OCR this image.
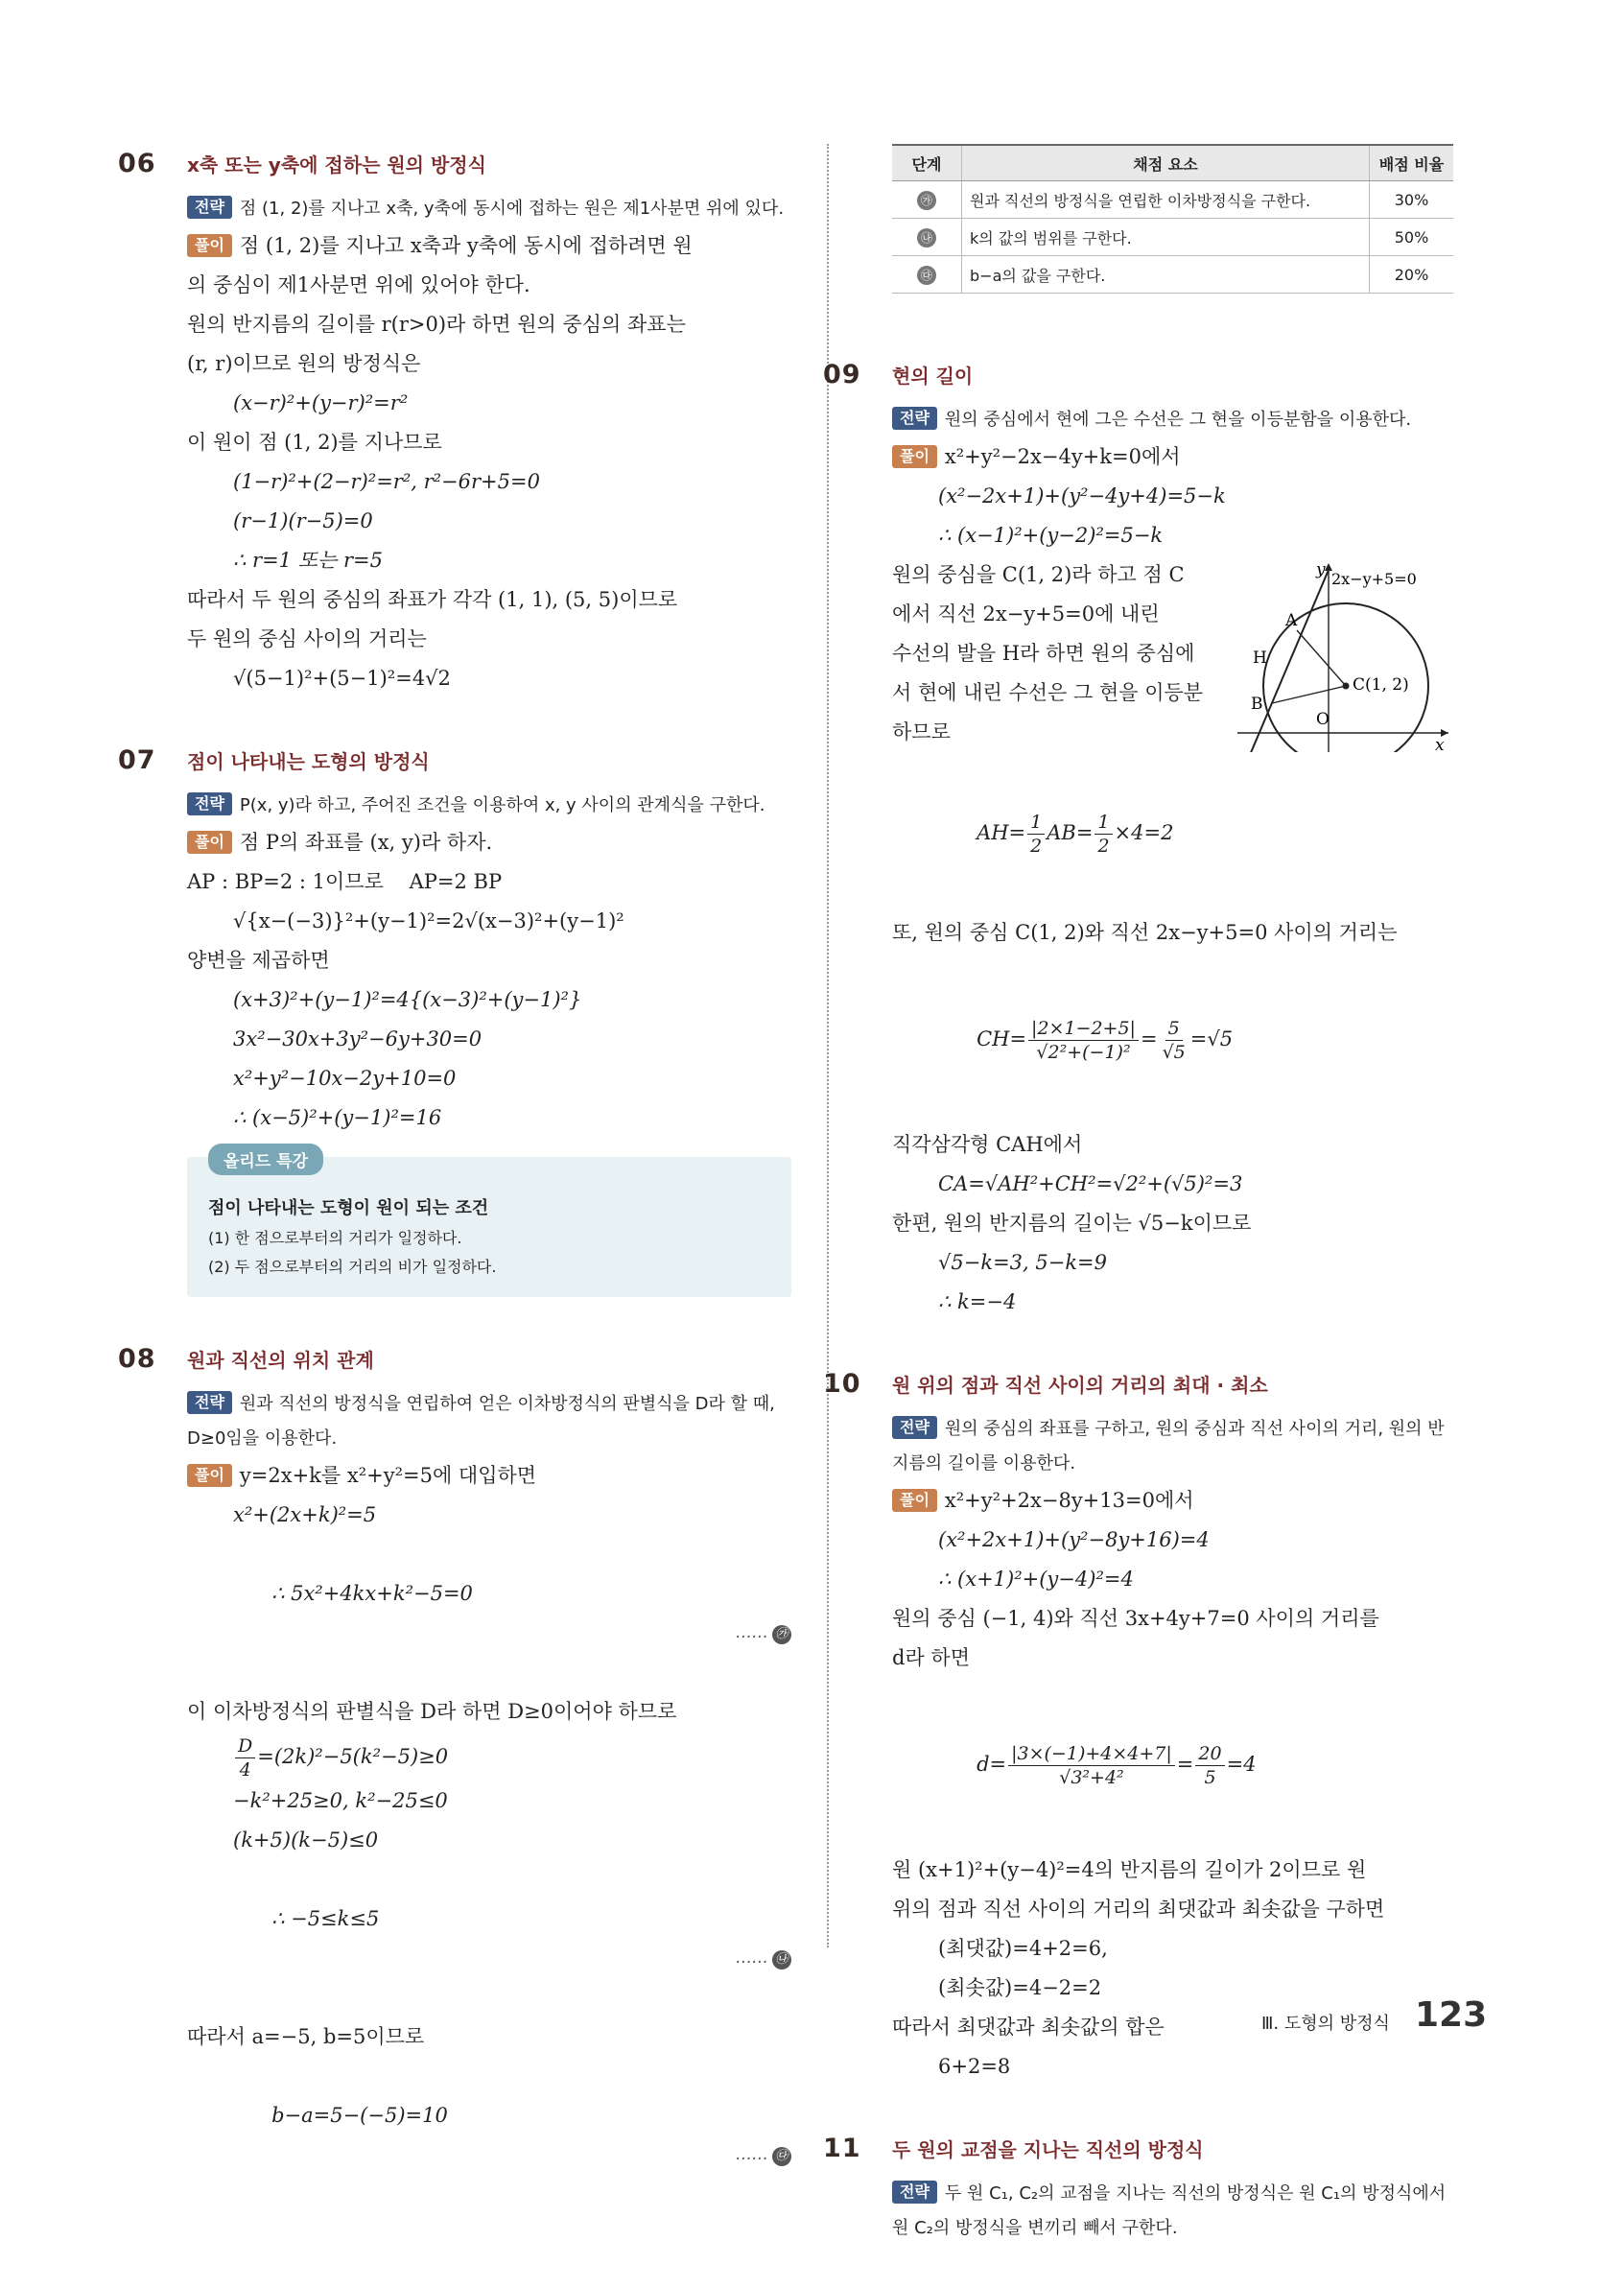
06 x축 또는 y축에 접하는 원의 방정식
전략 점 (1, 2)를 지나고 x축, y축에 동시에 접하는 원은 제1사분면 위에 있다.
풀이 점 (1, 2)를 지나고 x축과 y축에 동시에 접하려면 원
의 중심이 제1사분면 위에 있어야 한다.
원의 반지름의 길이를 r(r>0)라 하면 원의 중심의 좌표는
(r, r)이므로 원의 방정식은
(x−r)²+(y−r)²=r²
이 원이 점 (1, 2)를 지나므로
(1−r)²+(2−r)²=r², r²−6r+5=0
(r−1)(r−5)=0
∴ r=1 또는 r=5
따라서 두 원의 중심의 좌표가 각각 (1, 1), (5, 5)이므로
두 원의 중심 사이의 거리는
√(5−1)²+(5−1)²=4√2
07 점이 나타내는 도형의 방정식
전략 P(x, y)라 하고, 주어진 조건을 이용하여 x, y 사이의 관계식을 구한다.
풀이 점 P의 좌표를 (x, y)라 하자.
AP : BP=2 : 1이므로    AP=2 BP
√{x−(−3)}²+(y−1)²=2√(x−3)²+(y−1)²
양변을 제곱하면
(x+3)²+(y−1)²=4{(x−3)²+(y−1)²}
3x²−30x+3y²−6y+30=0
x²+y²−10x−2y+10=0
∴ (x−5)²+(y−1)²=16
올리드 특강
점이 나타내는 도형이 원이 되는 조건
(1) 한 점으로부터의 거리가 일정하다.
(2) 두 점으로부터의 거리의 비가 일정하다.
08 원과 직선의 위치 관계
전략 원과 직선의 방정식을 연립하여 얻은 이차방정식의 판별식을 D라 할 때, D≥0임을 이용한다.
풀이 y=2x+k를 x²+y²=5에 대입하면
x²+(2x+k)²=5

∴ 5x²+4kx+k²−5=0

…… ㉮

이 이차방정식의 판별식을 D라 하면 D≥0이어야 하므로
$\frac{D}{4} =(2k)^2-5(k^2-5)\ge 0$
−k²+25≥0, k²−25≤0
(k+5)(k−5)≤0

∴ −5≤k≤5

…… ㉯

따라서 a=−5, b=5이므로

b−a=5−(−5)=10

…… ㉰

단계	채점 요소	배점 비율
㉮	원과 직선의 방정식을 연립한 이차방정식을 구한다.	30%
㉯	k의 값의 범위를 구한다.	50%
㉰	b−a의 값을 구한다.	20%
09 현의 길이
전략 원의 중심에서 현에 그은 수선은 그 현을 이등분함을 이용한다.
풀이 x²+y²−2x−4y+k=0에서
(x²−2x+1)+(y²−4y+4)=5−k
∴ (x−1)²+(y−2)²=5−k
y
x
2x−y+5=0
A
H
B
O
C(1, 2)
원의 중심을 C(1, 2)라 하고 점 C
에서 직선 2x−y+5=0에 내린
수선의 발을 H라 하면 원의 중심에
서 현에 내린 수선은 그 현을 이등분
하므로

$AH= \frac{1}{2} AB= \frac{1}{2} \times 4=2$

또, 원의 중심 C(1, 2)와 직선 2x−y+5=0 사이의 거리는

$CH= \frac{|2\times 1-2+5|}{\text{√2²+(−1)²}} = \frac{5}{√5} =√5$

직각삼각형 CAH에서
CA=√AH²+CH²=√2²+(√5)²=3
한편, 원의 반지름의 길이는 √5−k이므로
√5−k=3, 5−k=9
∴ k=−4
10 원 위의 점과 직선 사이의 거리의 최대 · 최소
전략 원의 중심의 좌표를 구하고, 원의 중심과 직선 사이의 거리, 원의 반지름의 길이를 이용한다.
풀이 x²+y²+2x−8y+13=0에서
(x²+2x+1)+(y²−8y+16)=4
∴ (x+1)²+(y−4)²=4
원의 중심 (−1, 4)와 직선 3x+4y+7=0 사이의 거리를
d라 하면

$d= \frac{|3\times(-1)+4\times 4+7|}{\text{√3²+4²}} = \frac{20}{5} =4$

원 (x+1)²+(y−4)²=4의 반지름의 길이가 2이므로 원
위의 점과 직선 사이의 거리의 최댓값과 최솟값을 구하면
(최댓값)=4+2=6,
(최솟값)=4−2=2
따라서 최댓값과 최솟값의 합은
6+2=8
11 두 원의 교점을 지나는 직선의 방정식
전략 두 원 C₁, C₂의 교점을 지나는 직선의 방정식은 원 C₁의 방정식에서 원 C₂의 방정식을 변끼리 빼서 구한다.
Ⅲ. 도형의 방정식 123
